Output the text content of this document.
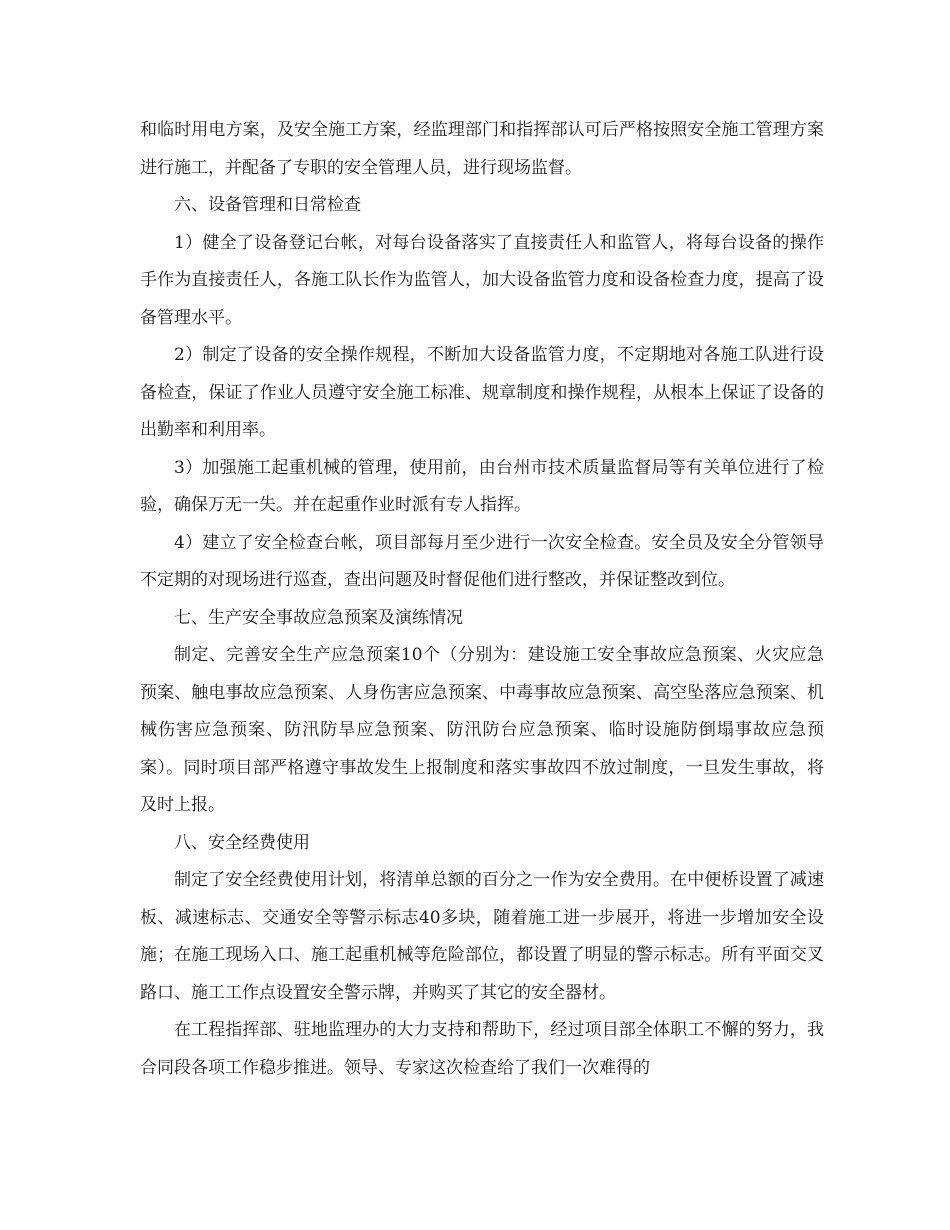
和临时用电方案，及安全施工方案，经监理部门和指挥部认可后严格按照安全施工管理方案进行施工，并配备了专职的安全管理人员，进行现场监督。

六、设备管理和日常检查

1）健全了设备登记台帐，对每台设备落实了直接责任人和监管人，将每台设备的操作手作为直接责任人，各施工队长作为监管人，加大设备监管力度和设备检查力度，提高了设备管理水平。

2）制定了设备的安全操作规程，不断加大设备监管力度，不定期地对各施工队进行设备检查，保证了作业人员遵守安全施工标准、规章制度和操作规程，从根本上保证了设备的出勤率和利用率。

3）加强施工起重机械的管理，使用前，由台州市技术质量监督局等有关单位进行了检验，确保万无一失。并在起重作业时派有专人指挥。

4）建立了安全检查台帐，项目部每月至少进行一次安全检查。安全员及安全分管领导不定期的对现场进行巡查，查出问题及时督促他们进行整改，并保证整改到位。

七、生产安全事故应急预案及演练情况

制定、完善安全生产应急预案10个（分别为：建设施工安全事故应急预案、火灾应急预案、触电事故应急预案、人身伤害应急预案、中毒事故应急预案、高空坠落应急预案、机械伤害应急预案、防汛防旱应急预案、防汛防台应急预案、临时设施防倒塌事故应急预案）。同时项目部严格遵守事故发生上报制度和落实事故四不放过制度，一旦发生事故，将及时上报。

八、安全经费使用

制定了安全经费使用计划，将清单总额的百分之一作为安全费用。在中便桥设置了减速板、减速标志、交通安全等警示标志40多块，随着施工进一步展开，将进一步增加安全设施；在施工现场入口、施工起重机械等危险部位，都设置了明显的警示标志。所有平面交叉路口、施工工作点设置安全警示牌，并购买了其它的安全器材。

在工程指挥部、驻地监理办的大力支持和帮助下，经过项目部全体职工不懈的努力，我合同段各项工作稳步推进。领导、专家这次检查给了我们一次难得的
